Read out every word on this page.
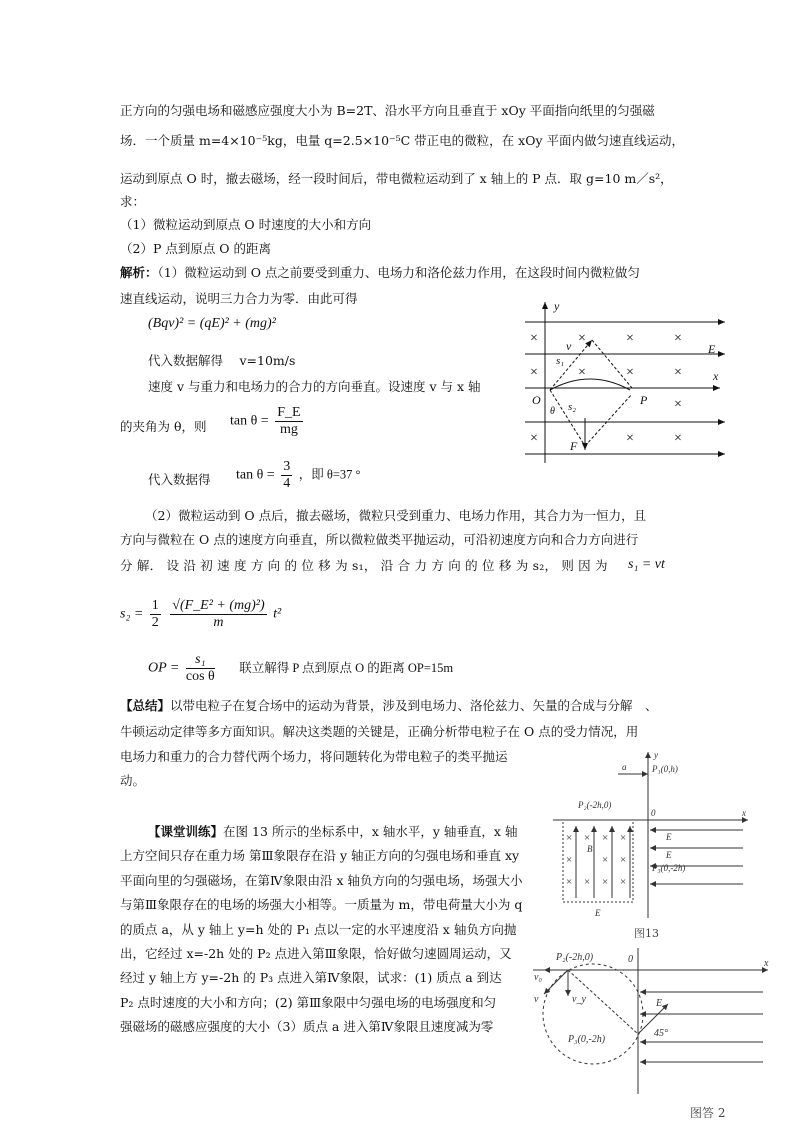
正方向的匀强电场和磁感应强度大小为 B=2T、沿水平方向且垂直于 xOy 平面指向纸里的匀强磁
场．一个质量 m=4×10⁻⁵kg，电量 q=2.5×10⁻⁵C 带正电的微粒，在 xOy 平面内做匀速直线运动，
运动到原点 O 时，撤去磁场，经一段时间后，带电微粒运动到了 x 轴上的 P 点．取 g=10 m／s²，
求：
（1）微粒运动到原点 O 时速度的大小和方向
（2）P 点到原点 O 的距离
解析：（1）微粒运动到 O 点之前要受到重力、电场力和洛伦兹力作用，在这段时间内微粒做匀
速直线运动，说明三力合力为零．由此可得
(Bqv)² = (qE)² + (mg)²
代入数据解得　 v=10m/s
速度 v 与重力和电场力的合力的方向垂直。设速度 v 与 x 轴
的夹角为 θ，则 $\tan \theta = \frac{F\_E}{mg}$
代入数据得 $\tan \theta = \frac{3}{4}$ ，即 θ=37 °
（2）微粒运动到 O 点后，撤去磁场，微粒只受到重力、电场力作用，其合力为一恒力，且
方向与微粒在 O 点的速度方向垂直，所以微粒做类平抛运动，可沿初速度方向和合力方向进行
分 解． 设 沿 初 速 度 方 向 的 位 移 为 s₁， 沿 合 力 方 向 的 位 移 为 s₂， 则 因 为 s₁ = vt
$s_2 = \frac{1}{2}$
$\frac{\text{√(F\_E² + (mg)²)}}{m} t^2$
OP = $\frac{\text{s₁}}{\text{cos θ}}$ 联立解得 P 点到原点 O 的距离 OP=15m
【总结】以带电粒子在复合场中的运动为背景，涉及到电场力、洛伦兹力、矢量的合成与分解　、
牛顿运动定律等多方面知识。解决这类题的关键是，正确分析带电粒子在 O 点的受力情况，用
电场力和重力的合力替代两个场力，将问题转化为带电粒子的类平抛运
动。
【课堂训练】在图 13 所示的坐标系中，x 轴水平，y 轴垂直，x 轴
上方空间只存在重力场 第Ⅲ象限存在沿 y 轴正方向的匀强电场和垂直 xy
平面向里的匀强磁场，在第Ⅳ象限由沿 x 轴负方向的匀强电场，场强大小
与第Ⅲ象限存在的电场的场强大小相等。一质量为 m，带电荷量大小为 q
的质点 a，从 y 轴上 y=h 处的 P₁ 点以一定的水平速度沿 x 轴负方向抛
出，它经过 x=-2h 处的 P₂ 点进入第Ⅲ象限，恰好做匀速圆周运动，又
经过 y 轴上方 y=-2h 的 P₃ 点进入第Ⅳ象限，试求：(1) 质点 a 到达
P₂ 点时速度的大小和方向；(2) 第Ⅲ象限中匀强电场的电场强度和匀
强磁场的磁感应强度的大小（3）质点 a 进入第Ⅳ象限且速度减为零
×	×	×	×
×	×	×	×
×	×	×
×
y
x
E
O	P
v
s₁
s₂
θ
F
× × × ×
×	× ×
× × × ×
y
x
a
0
P₁(0,h)
P₂(-2h,0)
P₃(0,-2h)
B
E
E
E
图13
P₂(-2h,0)
P₃(0,-2h)
0	x
E
v
v₀
v_y
45°
图答 2
